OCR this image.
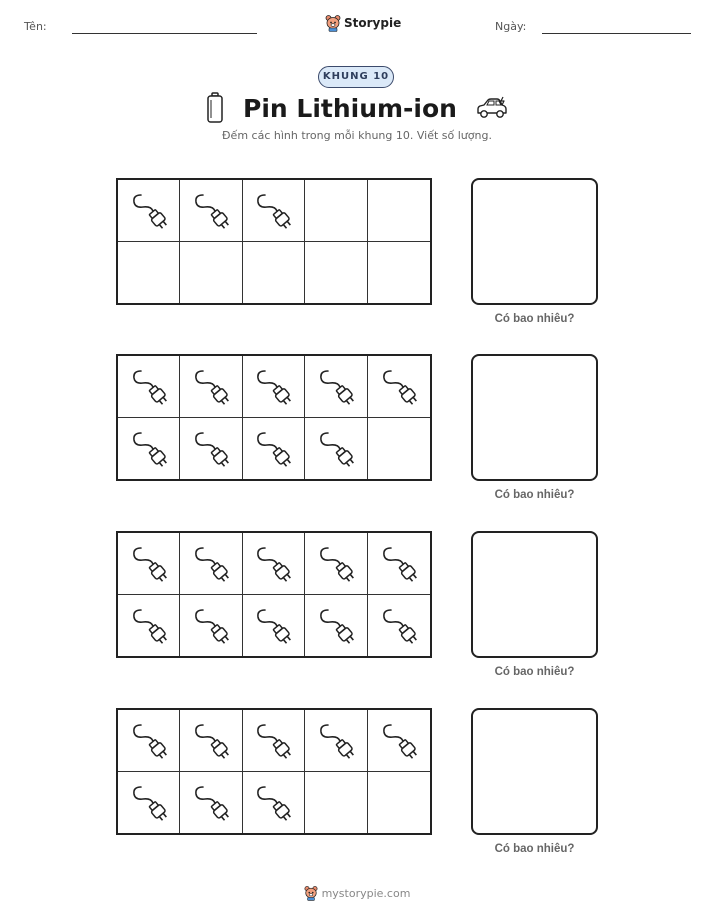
Tên:	Storypie	Ngày:
KHUNG 10
Pin Lithium-ion
Đếm các hình trong mỗi khung 10. Viết số lượng.
Có bao nhiêu?
Có bao nhiêu?
Có bao nhiêu?
Có bao nhiêu?
mystorypie.com
